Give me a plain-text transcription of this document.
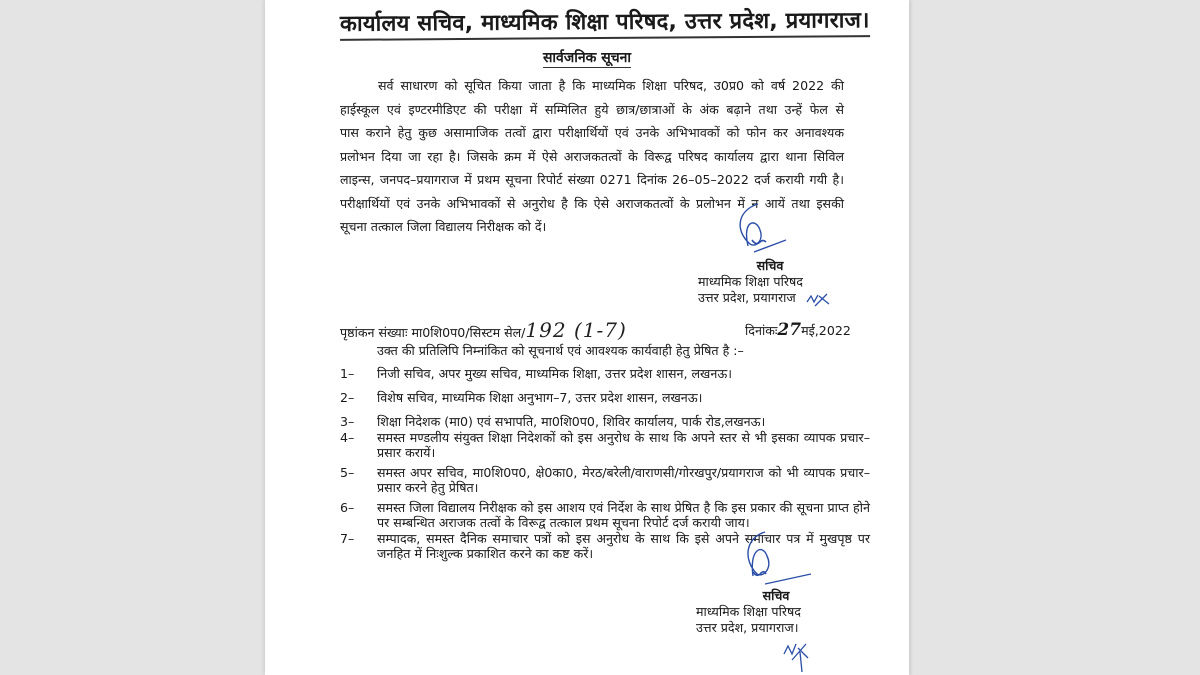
कार्यालय सचिव, माध्यमिक शिक्षा परिषद, उत्तर प्रदेश, प्रयागराज।
सार्वजनिक सूचना
सर्व साधारण को सूचित किया जाता है कि माध्यमिक शिक्षा परिषद, उ0प्र0 को वर्ष 2022 की
हाईस्कूल एवं इण्टरमीडिएट की परीक्षा में सम्मिलित हुये छात्र/छात्राओं के अंक बढ़ाने तथा उन्हें फेल से
पास कराने हेतु कुछ असामाजिक तत्वों द्वारा परीक्षार्थियों एवं उनके अभिभावकों को फोन कर अनावश्यक
प्रलोभन दिया जा रहा है। जिसके क्रम में ऐसे अराजकतत्वों के विरूद्व परिषद कार्यालय द्वारा थाना सिविल
लाइन्स, जनपद–प्रयागराज में प्रथम सूचना रिपोर्ट संख्या 0271 दिनांक 26–05–2022 दर्ज करायी गयी है।
परीक्षार्थियों एवं उनके अभिभावकों से अनुरोध है कि ऐसे अराजकतत्वों के प्रलोभन में न आयें तथा इसकी
सूचना तत्काल जिला विद्यालय निरीक्षक को दें।
सचिव
माध्यमिक शिक्षा परिषद
उत्तर प्रदेश, प्रयागराज
पृष्ठांकन संख्याः मा0शि0प0/सिस्टम सेल/192 (1-7)	दिनांकः27मई,2022
उक्त की प्रतिलिपि निम्नांकित को सूचनार्थ एवं आवश्यक कार्यवाही हेतु प्रेषित है :–
1–	निजी सचिव, अपर मुख्य सचिव, माध्यमिक शिक्षा, उत्तर प्रदेश शासन, लखनऊ।
2–	विशेष सचिव, माध्यमिक शिक्षा अनुभाग–7, उत्तर प्रदेश शासन, लखनऊ।
3–	शिक्षा निदेशक (मा0) एवं सभापति, मा0शि0प0, शिविर कार्यालय, पार्क रोड,लखनऊ।
4–	समस्त मण्डलीय संयुक्त शिक्षा निदेशकों को इस अनुरोध के साथ कि अपने स्तर से भी इसका व्यापक प्रचार–प्रसार करायें।
5–	समस्त अपर सचिव, मा0शि0प0, क्षे0का0, मेरठ/बरेली/वाराणसी/गोरखपुर/प्रयागराज को भी व्यापक प्रचार–प्रसार करने हेतु प्रेषित।
6–	समस्त जिला विद्यालय निरीक्षक को इस आशय एवं निर्देश के साथ प्रेषित है कि इस प्रकार की सूचना प्राप्त होने पर सम्बन्धित अराजक तत्वों के विरूद्व तत्काल प्रथम सूचना रिपोर्ट दर्ज करायी जाय।
7–	सम्पादक, समस्त दैनिक समाचार पत्रों को इस अनुरोध के साथ कि इसे अपने समाचार पत्र में मुखपृष्ठ पर जनहित में निःशुल्क प्रकाशित करने का कष्ट करें।
सचिव
माध्यमिक शिक्षा परिषद
उत्तर प्रदेश, प्रयागराज।
